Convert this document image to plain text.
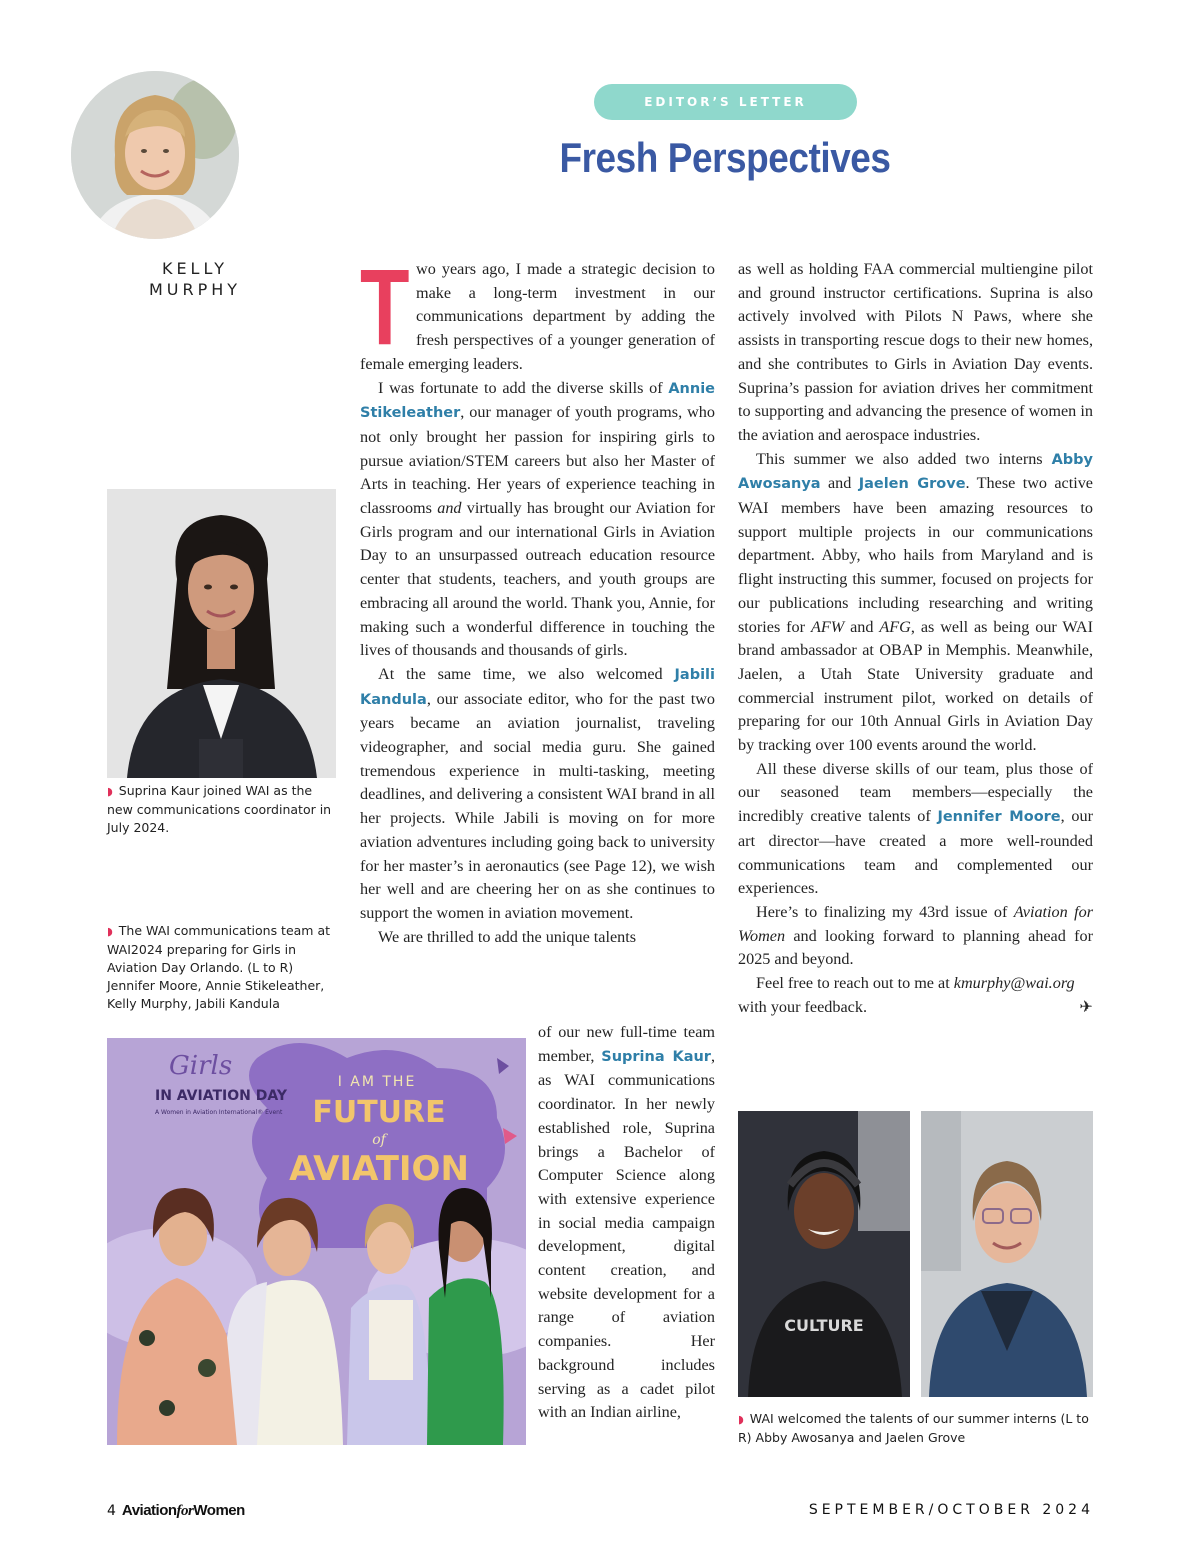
EDITOR’S LETTER
Fresh Perspectives
KELLY
MURPHY
◗ Suprina Kaur joined WAI as the new communications coordinator in July 2024.
◗ The WAI communications team at WAI2024 preparing for Girls in Aviation Day Orlando. (L to R) Jennifer Moore, Annie Stikeleather, Kelly Murphy, Jabili Kandula
Girls
IN AVIATION DAY
A Women in Aviation International® Event
I AM THE
FUTURE
of
AVIATION
T wo years ago, I made a strategic decision to make a long-term investment in our communications department by adding the fresh perspectives of a younger generation of female emerging leaders.

I was fortunate to add the diverse skills of Annie Stikeleather, our manager of youth programs, who not only brought her passion for inspiring girls to pursue aviation/STEM careers but also her Master of Arts in teaching. Her years of experience teaching in classrooms and virtually has brought our Aviation for Girls program and our international Girls in Aviation Day to an unsurpassed outreach education resource center that students, teachers, and youth groups are embracing all around the world. Thank you, Annie, for making such a wonderful difference in touching the lives of thousands and thousands of girls.

At the same time, we also welcomed Jabili Kandula, our associate editor, who for the past two years became an aviation journalist, traveling videographer, and social media guru. She gained tremendous experience in multi-tasking, meeting deadlines, and delivering a consistent WAI brand in all her projects. While Jabili is moving on for more aviation adventures including going back to university for her master’s in aeronautics (see Page 12), we wish her well and are cheering her on as she continues to support the women in aviation movement.

We are thrilled to add the unique talents

of our new full-time team member, Suprina Kaur, as WAI communications coordinator. In her newly established role, Suprina brings a Bachelor of Computer Science along with extensive experience in social media campaign development, digital content creation, and website development for a range of aviation companies. Her background includes serving as a cadet pilot with an Indian airline,

as well as holding FAA commercial multiengine pilot and ground instructor certifications. Suprina is also actively involved with Pilots N Paws, where she assists in transporting rescue dogs to their new homes, and she contributes to Girls in Aviation Day events. Suprina’s passion for aviation drives her commitment to supporting and advancing the presence of women in the aviation and aerospace industries.

This summer we also added two interns Abby Awosanya and Jaelen Grove. These two active WAI members have been amazing resources to support multiple projects in our communications department. Abby, who hails from Maryland and is flight instructing this summer, focused on projects for our publications including researching and writing stories for AFW and AFG, as well as being our WAI brand ambassador at OBAP in Memphis. Meanwhile, Jaelen, a Utah State University graduate and commercial instrument pilot, worked on details of preparing for our 10th Annual Girls in Aviation Day by tracking over 100 events around the world.

All these diverse skills of our team, plus those of our seasoned team members—especially the incredibly creative talents of Jennifer Moore, our art director—have created a more well-rounded communications team and complemented our experiences.

Here’s to finalizing my 43rd issue of Aviation for Women and looking forward to planning ahead for 2025 and beyond.

Feel free to reach out to me at kmurphy@wai.org with your feedback.	✈

CULTURE
◗ WAI welcomed the talents of our summer interns (L to R) Abby Awosanya and Jaelen Grove
4 AviationforWomen	SEPTEMBER/OCTOBER 2024
